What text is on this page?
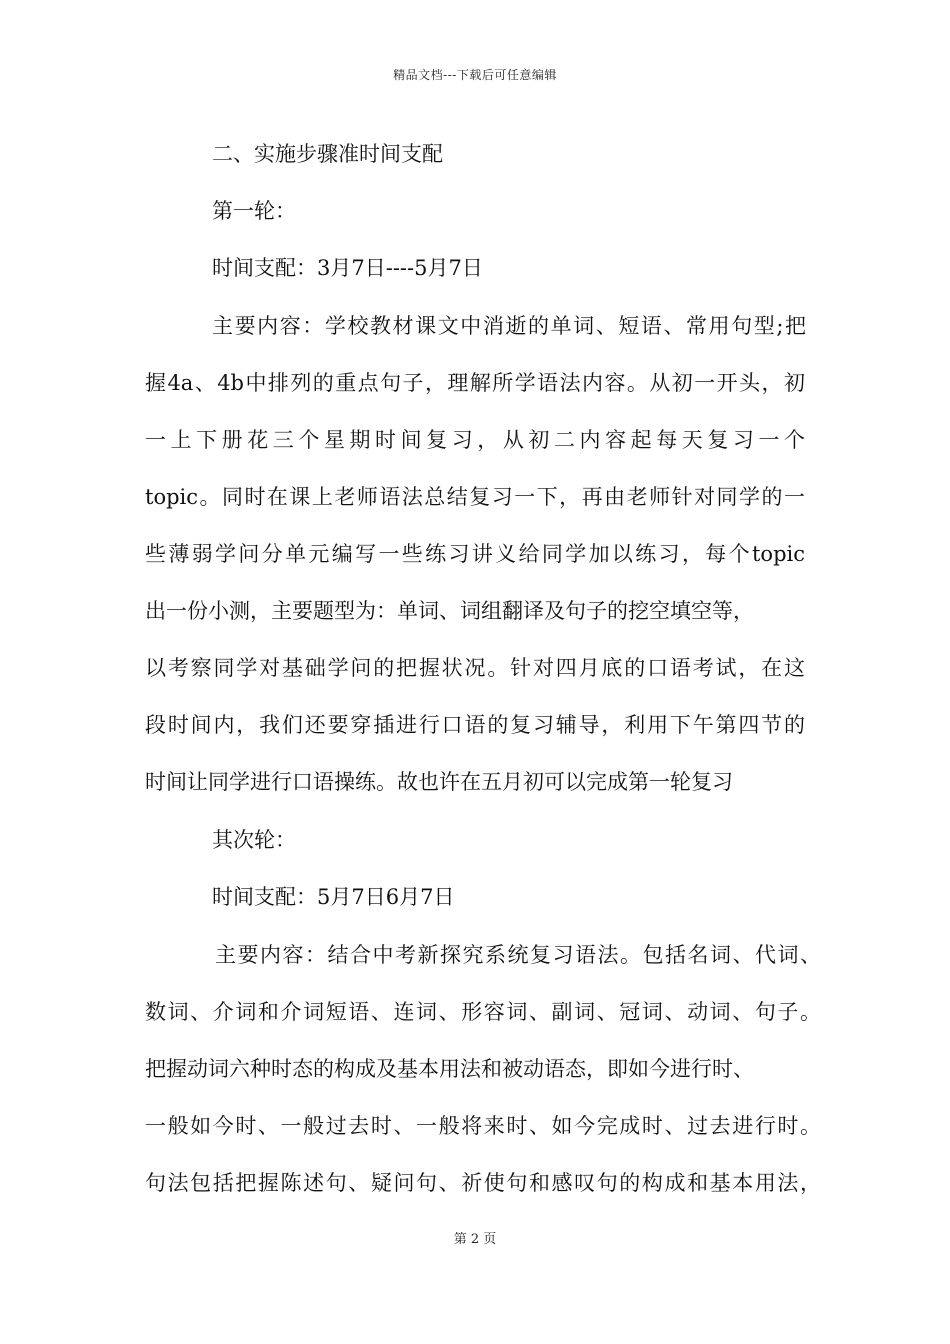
精品文档---下载后可任意编辑
二、实施步骤准时间支配
第一轮：
时间支配：3月7日----5月7日
主要内容：学校教材课文中消逝的单词、短语、常用句型;把
握4a、4b中排列的重点句子，理解所学语法内容。从初一开头，初
一上下册花三个星期时间复习，从初二内容起每天复习一个
topic。同时在课上老师语法总结复习一下，再由老师针对同学的一
些薄弱学问分单元编写一些练习讲义给同学加以练习，每个topic
出一份小测，主要题型为：单词、词组翻译及句子的挖空填空等，
以考察同学对基础学问的把握状况。针对四月底的口语考试，在这
段时间内，我们还要穿插进行口语的复习辅导，利用下午第四节的
时间让同学进行口语操练。故也许在五月初可以完成第一轮复习
其次轮：
时间支配：5月7日6月7日
主要内容：结合中考新探究系统复习语法。包括名词、代词、
数词、介词和介词短语、连词、形容词、副词、冠词、动词、句子。
把握动词六种时态的构成及基本用法和被动语态，即如今进行时、
一般如今时、一般过去时、一般将来时、如今完成时、过去进行时。
句法包括把握陈述句、疑问句、祈使句和感叹句的构成和基本用法，
第 2 页
